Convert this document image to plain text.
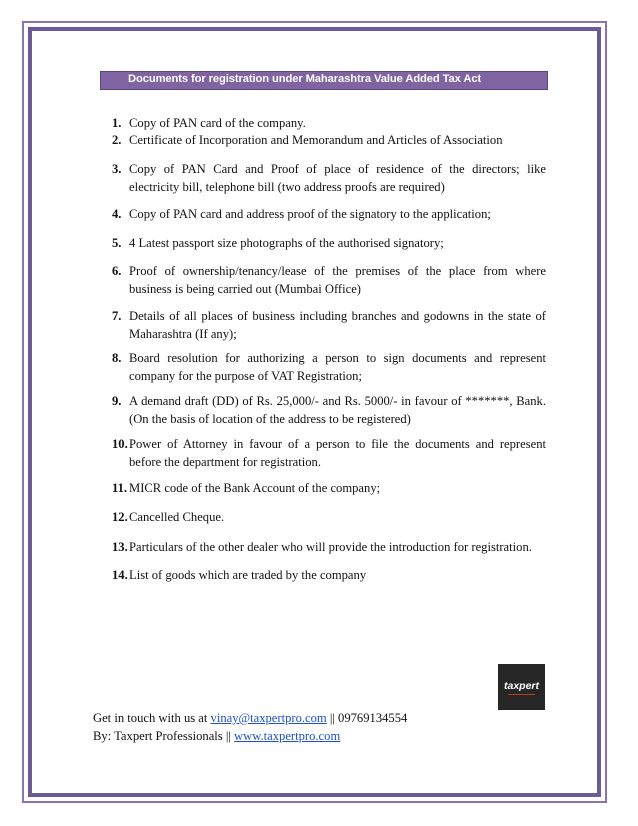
Documents for registration under Maharashtra Value Added Tax Act
1. Copy of PAN card of the company.
2. Certificate of Incorporation and Memorandum and Articles of Association
3. Copy of PAN Card and Proof of place of residence of the directors; like
electricity bill, telephone bill (two address proofs are required)
4. Copy of PAN card and address proof of the signatory to the application;
5. 4 Latest passport size photographs of the authorised signatory;
6. Proof of ownership/tenancy/lease of the premises of the place from where
business is being carried out (Mumbai Office)
7. Details of all places of business including branches and godowns in the state of
Maharashtra (If any);
8. Board resolution for authorizing a person to sign documents and represent
company for the purpose of VAT Registration;
9. A demand draft (DD) of Rs. 25,000/- and Rs. 5000/- in favour of *******, Bank.
(On the basis of location of the address to be registered)
10. Power of Attorney in favour of a person to file the documents and represent
before the department for registration.
11. MICR code of the Bank Account of the company;
12. Cancelled Cheque.
13. Particulars of the other dealer who will provide the introduction for registration.
14. List of goods which are traded by the company
taxpert
Get in touch with us at vinay@taxpertpro.com || 09769134554
By: Taxpert Professionals || www.taxpertpro.com
